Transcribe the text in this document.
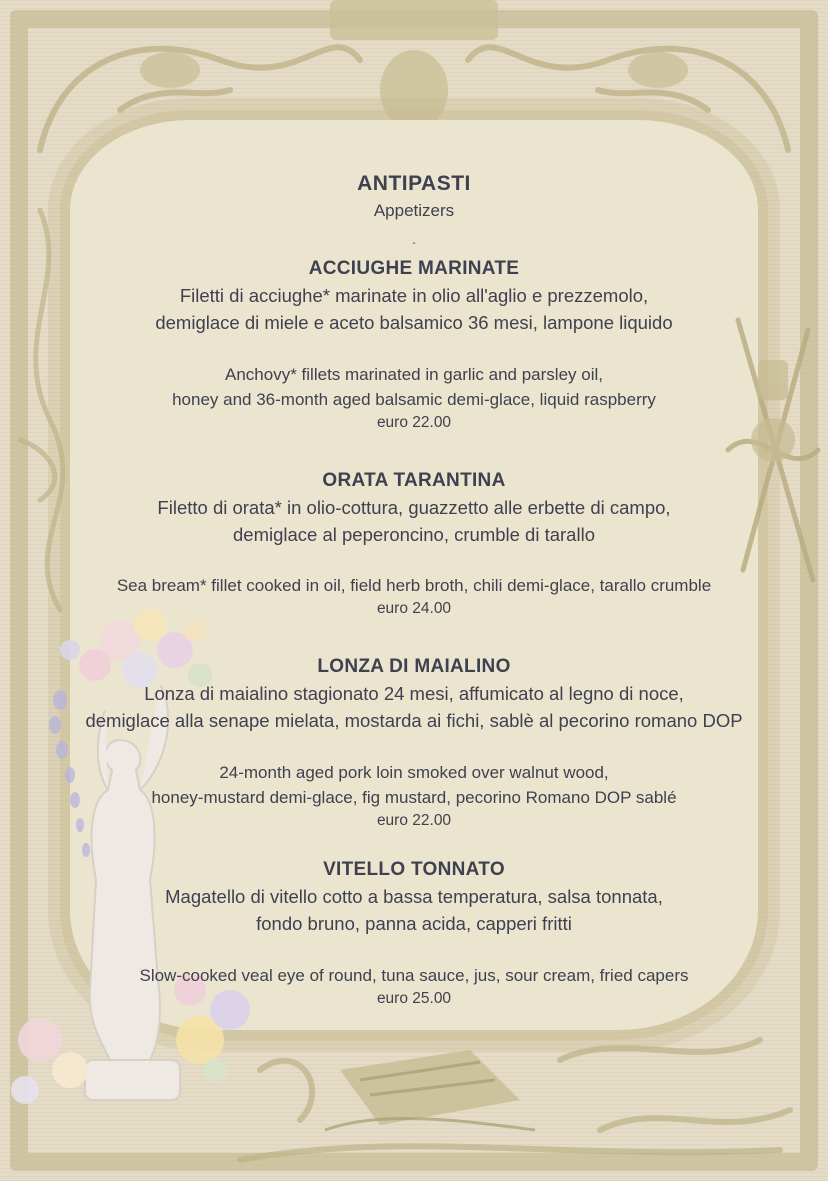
ANTIPASTI

Appetizers

-

ACCIUGHE MARINATE

Filetti di acciughe* marinate in olio all'aglio e prezzemolo,

demiglace di miele e aceto balsamico 36 mesi, lampone liquido

Anchovy* fillets marinated in garlic and parsley oil,

honey and 36-month aged balsamic demi-glace, liquid raspberry

euro 22.00

ORATA TARANTINA

Filetto di orata* in olio-cottura, guazzetto alle erbette di campo,

demiglace al peperoncino, crumble di tarallo

Sea bream* fillet cooked in oil, field herb broth, chili demi-glace, tarallo crumble

euro 24.00

LONZA DI MAIALINO

Lonza di maialino stagionato 24 mesi, affumicato al legno di noce,

demiglace alla senape mielata, mostarda ai fichi, sablè al pecorino romano DOP

24-month aged pork loin smoked over walnut wood,

honey-mustard demi-glace, fig mustard, pecorino Romano DOP sablé

euro 22.00

VITELLO TONNATO

Magatello di vitello cotto a bassa temperatura, salsa tonnata,

fondo bruno, panna acida, capperi fritti

Slow-cooked veal eye of round, tuna sauce, jus, sour cream, fried capers

euro 25.00
